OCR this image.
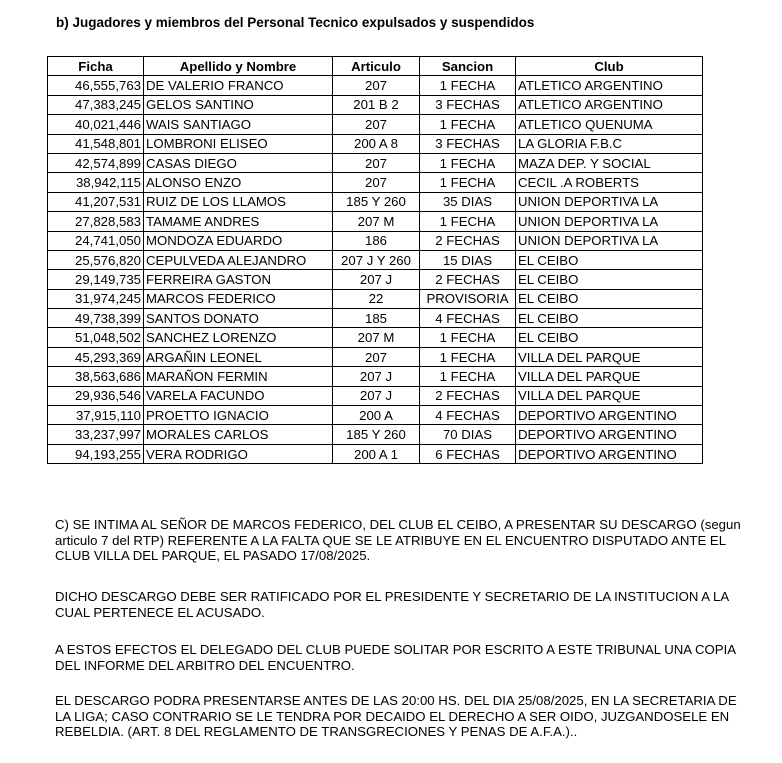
b) Jugadores y miembros del Personal Tecnico expulsados y suspendidos
Ficha	Apellido y Nombre	Articulo	Sancion	Club
46,555,763	DE VALERIO FRANCO	207	1 FECHA	ATLETICO ARGENTINO
47,383,245	GELOS SANTINO	201 B 2	3 FECHAS	ATLETICO ARGENTINO
40,021,446	WAIS SANTIAGO	207	1 FECHA	ATLETICO QUENUMA
41,548,801	LOMBRONI ELISEO	200 A 8	3 FECHAS	LA GLORIA F.B.C
42,574,899	CASAS DIEGO	207	1 FECHA	MAZA DEP. Y SOCIAL
38,942,115	ALONSO ENZO	207	1 FECHA	CECIL .A ROBERTS
41,207,531	RUIZ DE LOS LLAMOS	185 Y 260	35 DIAS	UNION DEPORTIVA LA
27,828,583	TAMAME ANDRES	207 M	1 FECHA	UNION DEPORTIVA LA
24,741,050	MONDOZA EDUARDO	186	2 FECHAS	UNION DEPORTIVA LA
25,576,820	CEPULVEDA ALEJANDRO	207 J Y 260	15 DIAS	EL CEIBO
29,149,735	FERREIRA GASTON	207 J	2 FECHAS	EL CEIBO
31,974,245	MARCOS FEDERICO	22	PROVISORIA	EL CEIBO
49,738,399	SANTOS DONATO	185	4 FECHAS	EL CEIBO
51,048,502	SANCHEZ LORENZO	207 M	1 FECHA	EL CEIBO
45,293,369	ARGAÑIN LEONEL	207	1 FECHA	VILLA DEL PARQUE
38,563,686	MARAÑON FERMIN	207 J	1 FECHA	VILLA DEL PARQUE
29,936,546	VARELA FACUNDO	207 J	2 FECHAS	VILLA DEL PARQUE
37,915,110	PROETTO IGNACIO	200 A	4 FECHAS	DEPORTIVO ARGENTINO
33,237,997	MORALES CARLOS	185 Y 260	70 DIAS	DEPORTIVO ARGENTINO
94,193,255	VERA RODRIGO	200 A 1	6 FECHAS	DEPORTIVO ARGENTINO

C) SE INTIMA AL SEÑOR DE MARCOS FEDERICO, DEL CLUB EL CEIBO, A PRESENTAR SU DESCARGO (segun articulo 7 del RTP) REFERENTE A LA FALTA QUE SE LE ATRIBUYE EN EL ENCUENTRO DISPUTADO ANTE EL CLUB VILLA DEL PARQUE, EL PASADO 17/08/2025.

DICHO DESCARGO DEBE SER RATIFICADO POR EL PRESIDENTE Y SECRETARIO DE LA INSTITUCION A LA CUAL PERTENECE EL ACUSADO.

A ESTOS EFECTOS EL DELEGADO DEL CLUB PUEDE SOLITAR POR ESCRITO A ESTE TRIBUNAL UNA COPIA DEL INFORME DEL ARBITRO DEL ENCUENTRO.

EL DESCARGO PODRA PRESENTARSE ANTES DE LAS 20:00 HS. DEL DIA 25/08/2025, EN LA SECRETARIA DE LA LIGA; CASO CONTRARIO SE LE TENDRA POR DECAIDO EL DERECHO A SER OIDO, JUZGANDOSELE EN REBELDIA. (ART. 8 DEL REGLAMENTO DE TRANSGRECIONES Y PENAS DE A.F.A.)..
